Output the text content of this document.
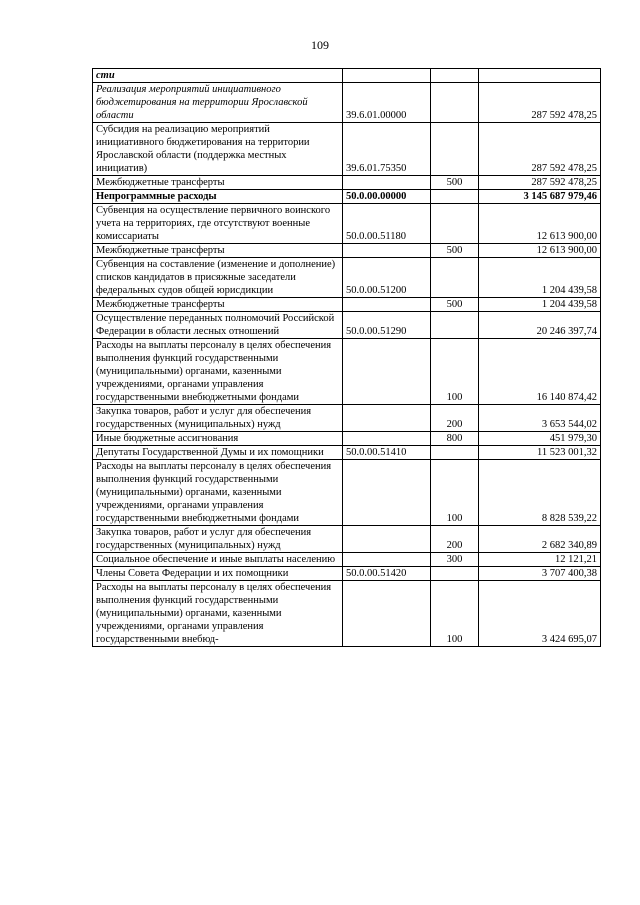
109
сти			
Реализация мероприятий инициативного бюджетирования на территории Ярославской области	39.6.01.00000		287 592 478,25
Субсидия на реализацию мероприятий инициативного бюджетирования на территории Ярославской области (поддержка местных инициатив)	39.6.01.75350		287 592 478,25
Межбюджетные трансферты		500	287 592 478,25
Непрограммные расходы	50.0.00.00000		3 145 687 979,46
Субвенция на осуществление первичного воинского учета на территориях, где отсутствуют военные комиссариаты	50.0.00.51180		12 613 900,00
Межбюджетные трансферты		500	12 613 900,00
Субвенция на составление (изменение и дополнение) списков кандидатов в присяжные заседатели федеральных судов общей юрисдикции	50.0.00.51200		1 204 439,58
Межбюджетные трансферты		500	1 204 439,58
Осуществление переданных полномочий Российской Федерации в области лесных отношений	50.0.00.51290		20 246 397,74
Расходы на выплаты персоналу в целях обеспечения выполнения функций государственными (муниципальными) органами, казенными учреждениями, органами управления государственными внебюджетными фондами		100	16 140 874,42
Закупка товаров, работ и услуг для обеспечения государственных (муниципальных) нужд		200	3 653 544,02
Иные бюджетные ассигнования		800	451 979,30
Депутаты Государственной Думы и их помощники	50.0.00.51410		11 523 001,32
Расходы на выплаты персоналу в целях обеспечения выполнения функций государственными (муниципальными) органами, казенными учреждениями, органами управления государственными внебюджетными фондами		100	8 828 539,22
Закупка товаров, работ и услуг для обеспечения государственных (муниципальных) нужд		200	2 682 340,89
Социальное обеспечение и иные выплаты населению		300	12 121,21
Члены Совета Федерации и их помощники	50.0.00.51420		3 707 400,38
Расходы на выплаты персоналу в целях обеспечения выполнения функций государственными (муниципальными) органами, казенными учреждениями, органами управления государственными внебюд-		100	3 424 695,07
